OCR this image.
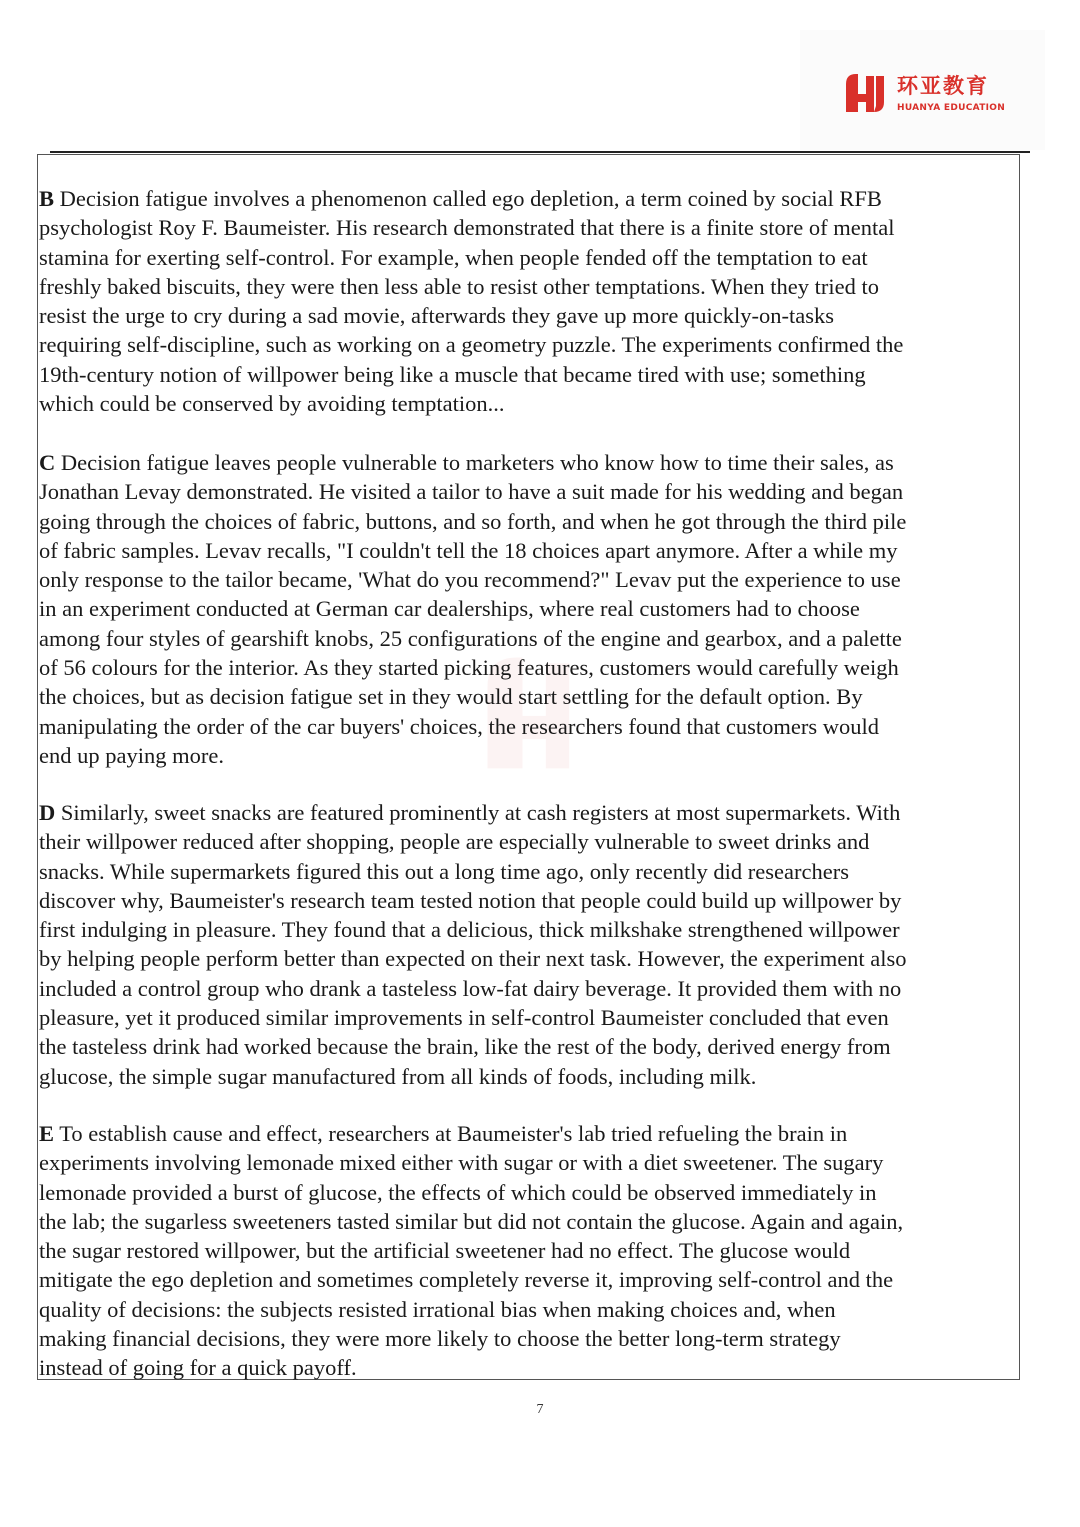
环亚教育
HUANYA EDUCATION
B Decision fatigue involves a phenomenon called ego depletion, a term coined by social RFB
psychologist Roy F. Baumeister. His research demonstrated that there is a finite store of mental
stamina for exerting self-control. For example, when people fended off the temptation to eat
freshly baked biscuits, they were then less able to resist other temptations. When they tried to
resist the urge to cry during a sad movie, afterwards they gave up more quickly-on-tasks
requiring self-discipline, such as working on a geometry puzzle. The experiments confirmed the
19th-century notion of willpower being like a muscle that became tired with use; something
which could be conserved by avoiding temptation...
C Decision fatigue leaves people vulnerable to marketers who know how to time their sales, as
Jonathan Levay demonstrated. He visited a tailor to have a suit made for his wedding and began
going through the choices of fabric, buttons, and so forth, and when he got through the third pile
of fabric samples. Levav recalls, "I couldn't tell the 18 choices apart anymore. After a while my
only response to the tailor became, 'What do you recommend?" Levav put the experience to use
in an experiment conducted at German car dealerships, where real customers had to choose
among four styles of gearshift knobs, 25 configurations of the engine and gearbox, and a palette
of 56 colours for the interior. As they started picking features, customers would carefully weigh
the choices, but as decision fatigue set in they would start settling for the default option. By
manipulating the order of the car buyers' choices, the researchers found that customers would
end up paying more.
D Similarly, sweet snacks are featured prominently at cash registers at most supermarkets. With
their willpower reduced after shopping, people are especially vulnerable to sweet drinks and
snacks. While supermarkets figured this out a long time ago, only recently did researchers
discover why, Baumeister's research team tested notion that people could build up willpower by
first indulging in pleasure. They found that a delicious, thick milkshake strengthened willpower
by helping people perform better than expected on their next task. However, the experiment also
included a control group who drank a tasteless low-fat dairy beverage. It provided them with no
pleasure, yet it produced similar improvements in self-control Baumeister concluded that even
the tasteless drink had worked because the brain, like the rest of the body, derived energy from
glucose, the simple sugar manufactured from all kinds of foods, including milk.
E To establish cause and effect, researchers at Baumeister's lab tried refueling the brain in
experiments involving lemonade mixed either with sugar or with a diet sweetener. The sugary
lemonade provided a burst of glucose, the effects of which could be observed immediately in
the lab; the sugarless sweeteners tasted similar but did not contain the glucose. Again and again,
the sugar restored willpower, but the artificial sweetener had no effect. The glucose would
mitigate the ego depletion and sometimes completely reverse it, improving self-control and the
quality of decisions: the subjects resisted irrational bias when making choices and, when
making financial decisions, they were more likely to choose the better long-term strategy
instead of going for a quick payoff.
7
